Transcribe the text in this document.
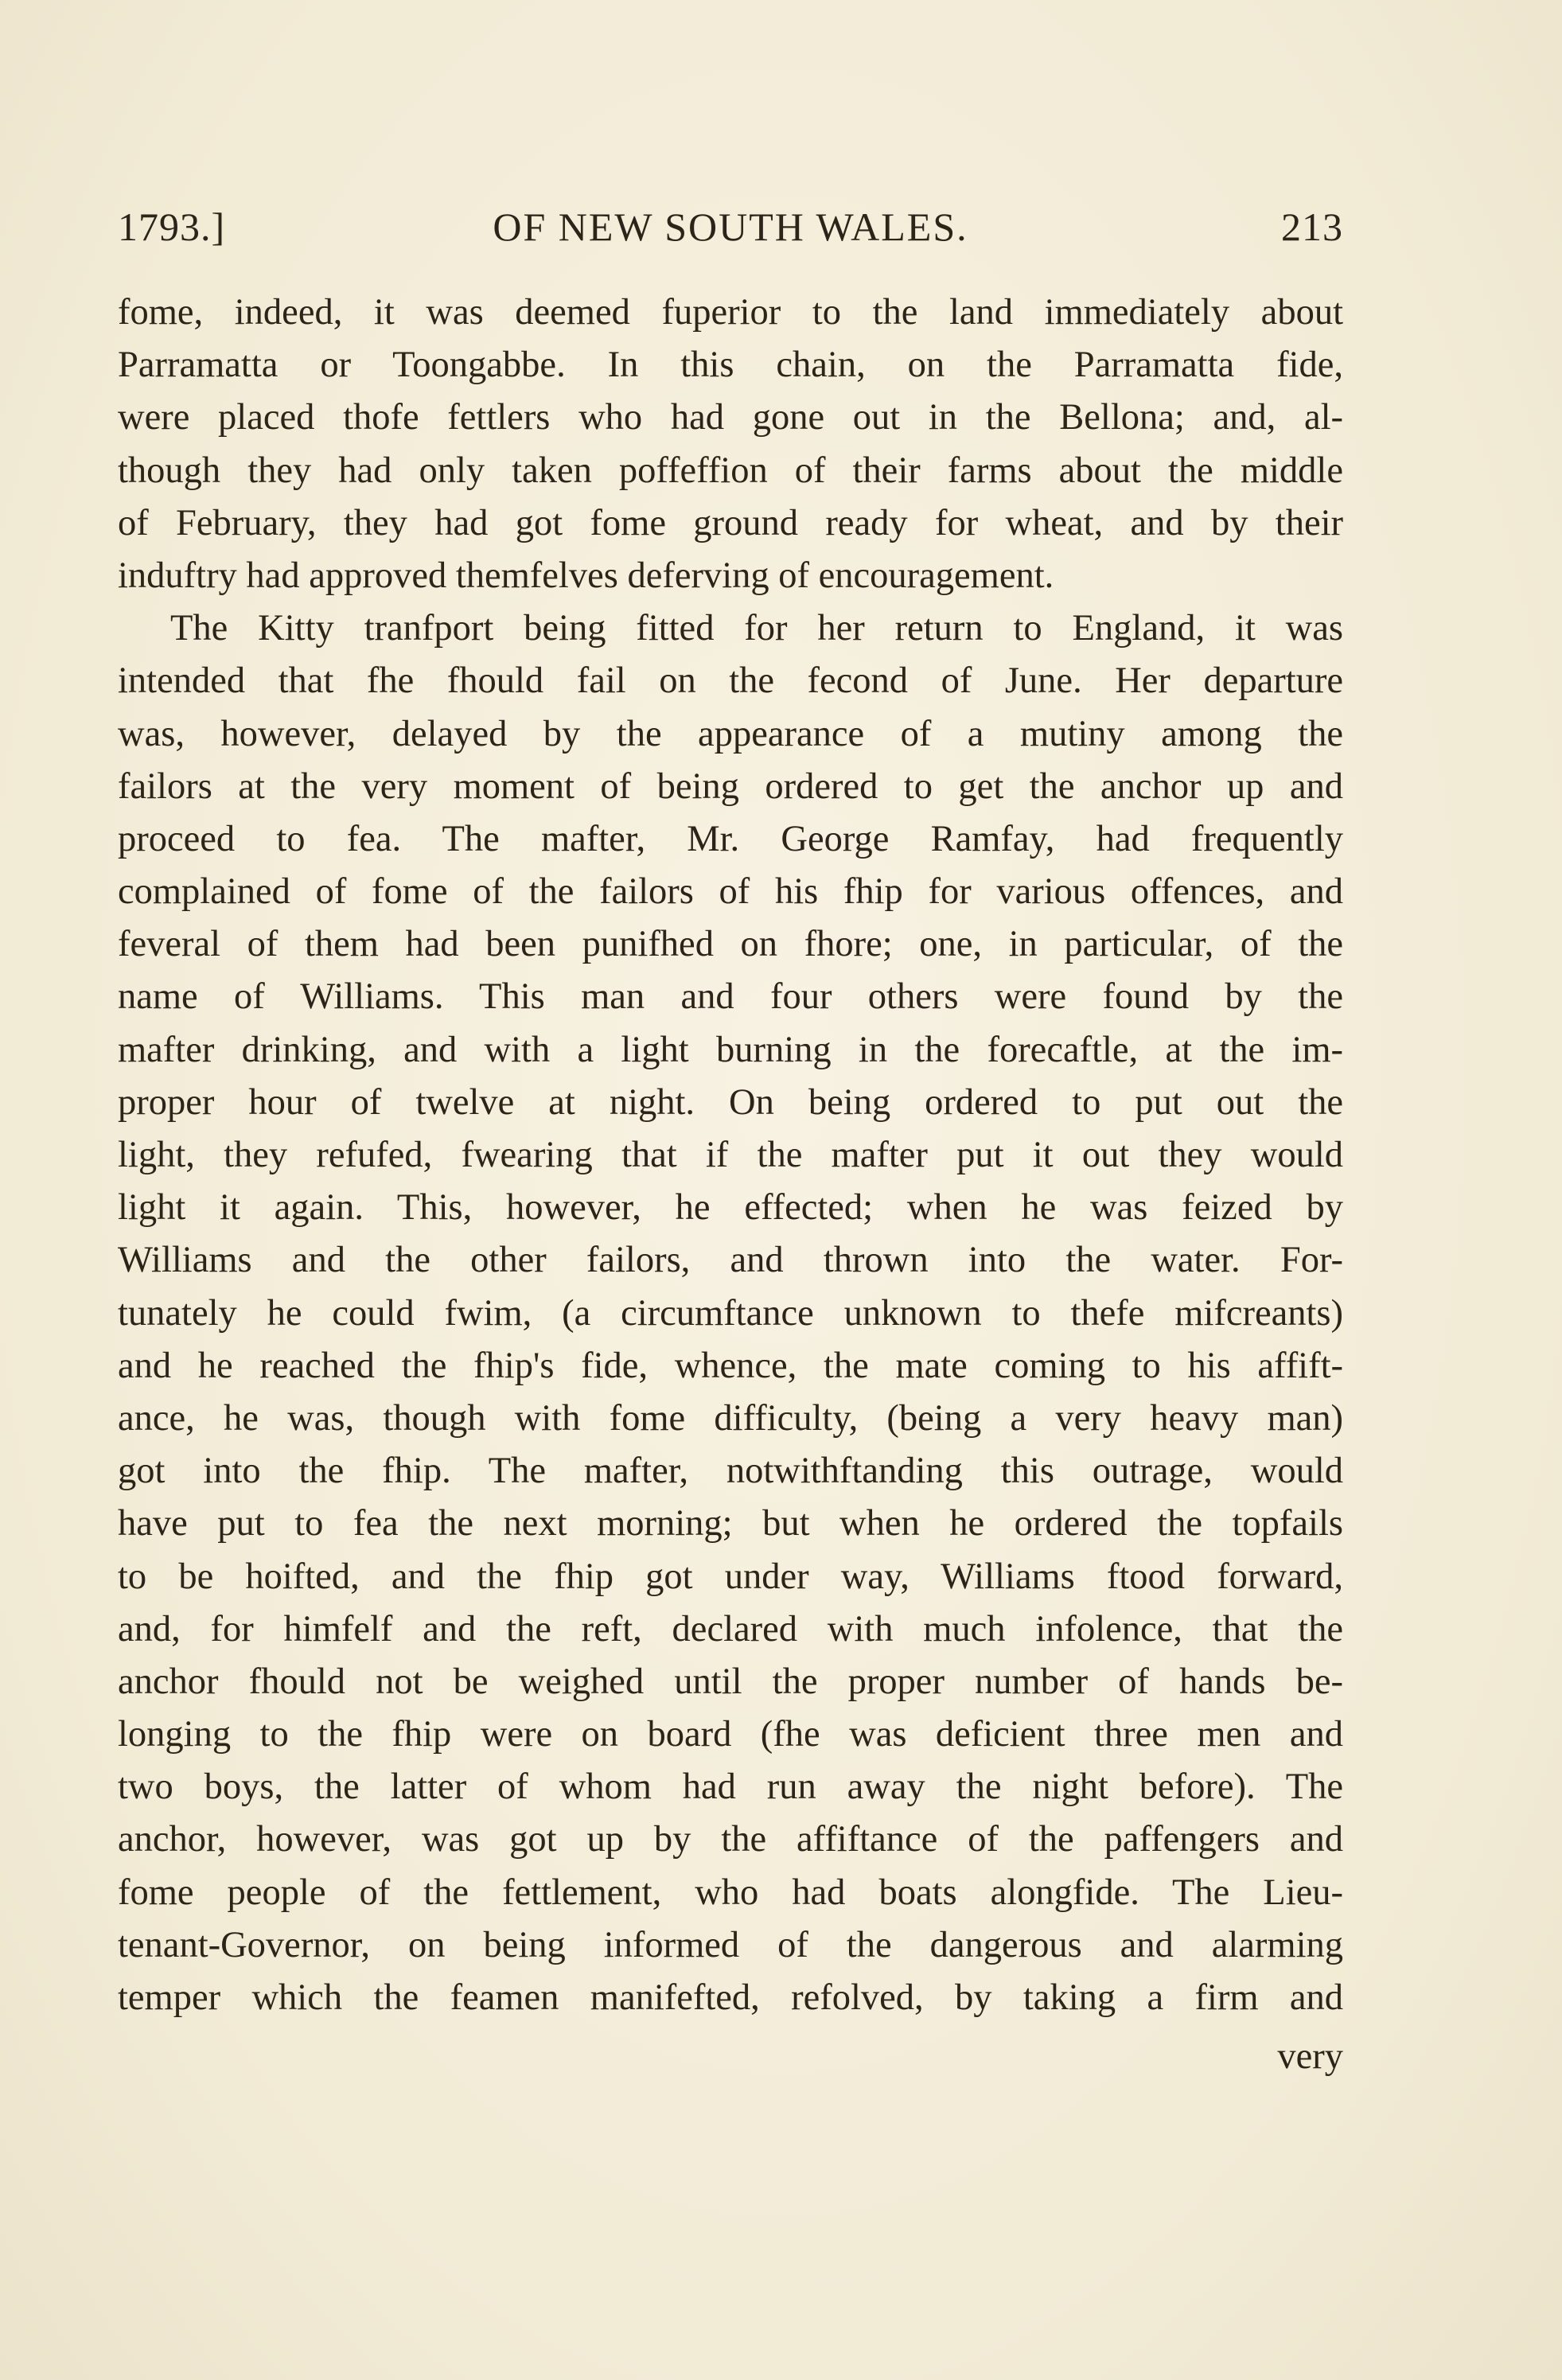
1793.]	OF NEW SOUTH WALES.	213
fome, indeed, it was deemed fuperior to the land immediately about
Parramatta or Toongabbe. In this chain, on the Parramatta fide,
were placed thofe fettlers who had gone out in the Bellona; and, al-
though they had only taken poffeffion of their farms about the middle
of February, they had got fome ground ready for wheat, and by their
induftry had approved themfelves deferving of encouragement.
The Kitty tranfport being fitted for her return to England, it was
intended that fhe fhould fail on the fecond of June. Her departure
was, however, delayed by the appearance of a mutiny among the
failors at the very moment of being ordered to get the anchor up and
proceed to fea. The mafter, Mr. George Ramfay, had frequently
complained of fome of the failors of his fhip for various offences, and
feveral of them had been punifhed on fhore; one, in particular, of the
name of Williams. This man and four others were found by the
mafter drinking, and with a light burning in the forecaftle, at the im-
proper hour of twelve at night. On being ordered to put out the
light, they refufed, fwearing that if the mafter put it out they would
light it again. This, however, he effected; when he was feized by
Williams and the other failors, and thrown into the water. For-
tunately he could fwim, (a circumftance unknown to thefe mifcreants)
and he reached the fhip's fide, whence, the mate coming to his affift-
ance, he was, though with fome difficulty, (being a very heavy man)
got into the fhip. The mafter, notwithftanding this outrage, would
have put to fea the next morning; but when he ordered the topfails
to be hoifted, and the fhip got under way, Williams ftood forward,
and, for himfelf and the reft, declared with much infolence, that the
anchor fhould not be weighed until the proper number of hands be-
longing to the fhip were on board (fhe was deficient three men and
two boys, the latter of whom had run away the night before). The
anchor, however, was got up by the affiftance of the paffengers and
fome people of the fettlement, who had boats alongfide. The Lieu-
tenant-Governor, on being informed of the dangerous and alarming
temper which the feamen manifefted, refolved, by taking a firm and
very
